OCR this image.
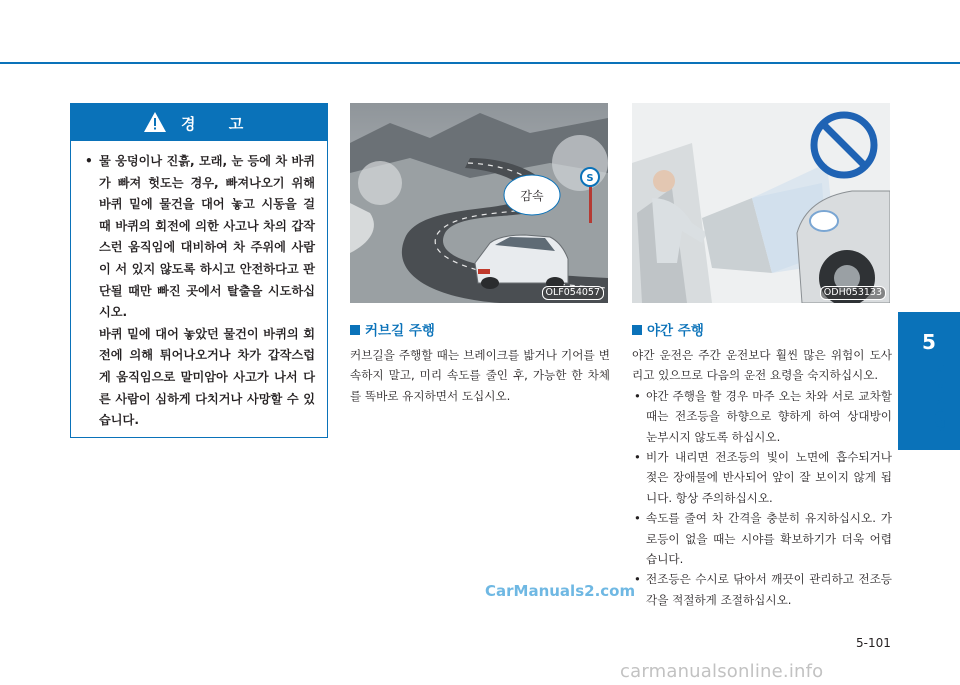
5
시동 및 주행
경 고
• 물 웅덩이나 진흙, 모래, 눈 등에 차 바퀴가 빠져 헛도는 경우, 빠져나오기 위해 바퀴 밑에 물건을 대어 놓고 시동을 걸 때 바퀴의 회전에 의한 사고나 차의 갑작스런 움직임에 대비하여 차 주위에 사람이 서 있지 않도록 하시고 안전하다고 판단될 때만 빠진 곳에서 탈출을 시도하십시오.
바퀴 밑에 대어 놓았던 물건이 바퀴의 회전에 의해 튀어나오거나 차가 갑작스럽게 움직임으로 말미암아 사고가 나서 다른 사람이 심하게 다치거나 사망할 수 있습니다.
S
감속
OLF054057	ODH053133
커브길 주행
커브길을 주행할 때는 브레이크를 밟거나 기어를 변속하지 말고, 미리 속도를 줄인 후, 가능한 한 차체를 똑바로 유지하면서 도십시오.
야간 주행
야간 운전은 주간 운전보다 훨씬 많은 위험이 도사리고 있으므로 다음의 운전 요령을 숙지하십시오.
• 야간 주행을 할 경우 마주 오는 차와 서로 교차할 때는 전조등을 하향으로 향하게 하여 상대방이 눈부시지 않도록 하십시오.
• 비가 내리면 전조등의 빛이 노면에 흡수되거나 젖은 장애물에 반사되어 앞이 잘 보이지 않게 됩니다. 항상 주의하십시오.
• 속도를 줄여 차 간격을 충분히 유지하십시오. 가로등이 없을 때는 시야를 확보하기가 더욱 어렵습니다.
• 전조등은 수시로 닦아서 깨끗이 관리하고 전조등 각을 적절하게 조절하십시오.
5-101
CarManuals2.com
carmanualsonline.info
